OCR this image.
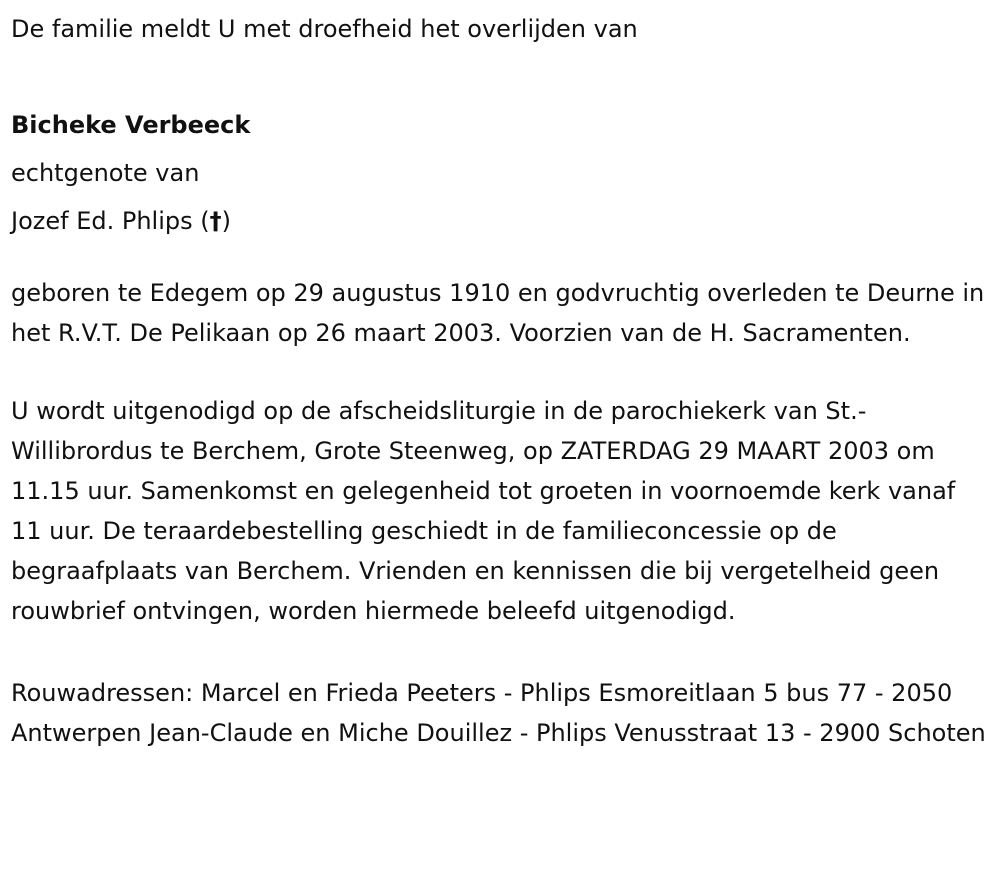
De familie meldt U met droefheid het overlijden van

Bicheke Verbeeck

echtgenote van

Jozef Ed. Phlips (†)

geboren te Edegem op 29 augustus 1910 en godvruchtig overleden te Deurne in het R.V.T. De Pelikaan op 26 maart 2003. Voorzien van de H. Sacramenten.

U wordt uitgenodigd op de afscheidsliturgie in de parochiekerk van St.-Willibrordus te Berchem, Grote Steenweg, op ZATERDAG 29 MAART 2003 om 11.15 uur. Samenkomst en gelegenheid tot groeten in voornoemde kerk vanaf 11 uur. De teraardebestelling geschiedt in de familieconcessie op de begraafplaats van Berchem. Vrienden en kennissen die bij vergetelheid geen rouwbrief ontvingen, worden hiermede beleefd uitgenodigd.

Rouwadressen: Marcel en Frieda Peeters - Phlips Esmoreitlaan 5 bus 77 - 2050 Antwerpen Jean-Claude en Miche Douillez - Phlips Venusstraat 13 - 2900 Schoten
